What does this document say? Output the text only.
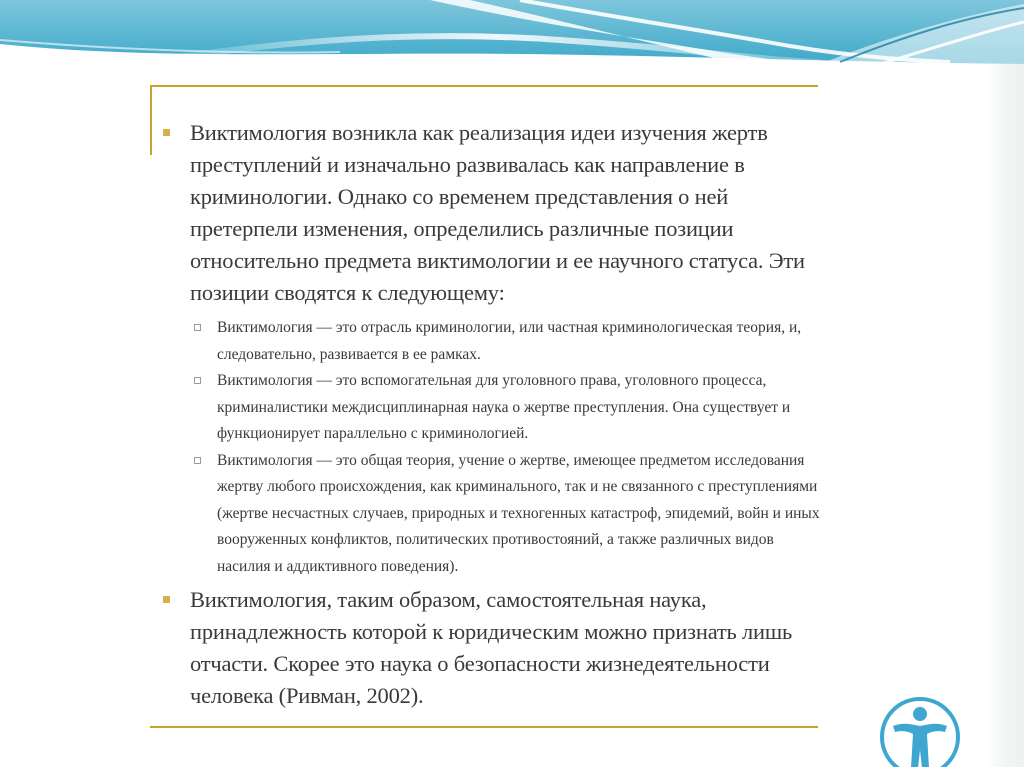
Виктимология возникла как реализация идеи изучения жертв преступлений и изначально развивалась как направление в криминологии. Однако со временем представления о ней претерпели изменения, определились различные позиции относительно предмета виктимологии и ее научного статуса. Эти позиции сводятся к следующему:
Виктимология — это отрасль криминологии, или частная криминологическая теория, и, следовательно, развивается в ее рамках.
Виктимология — это вспомогательная для уголовного права, уголовного процесса, криминалистики междисциплинарная наука о жертве преступления. Она существует и функционирует параллельно с криминологией.
Виктимология — это общая теория, учение о жертве, имеющее предметом исследования жертву любого происхождения, как криминального, так и не связанного с преступлениями (жертве несчастных случаев, природных и техногенных катастроф, эпидемий, войн и иных вооруженных конфликтов, политических противостояний, а также различных видов насилия и аддиктивного поведения).
Виктимология, таким образом, самостоятельная наука, принадлежность которой к юридическим можно признать лишь отчасти. Скорее это наука о безопасности жизнедеятельности человека (Ривман, 2002).
